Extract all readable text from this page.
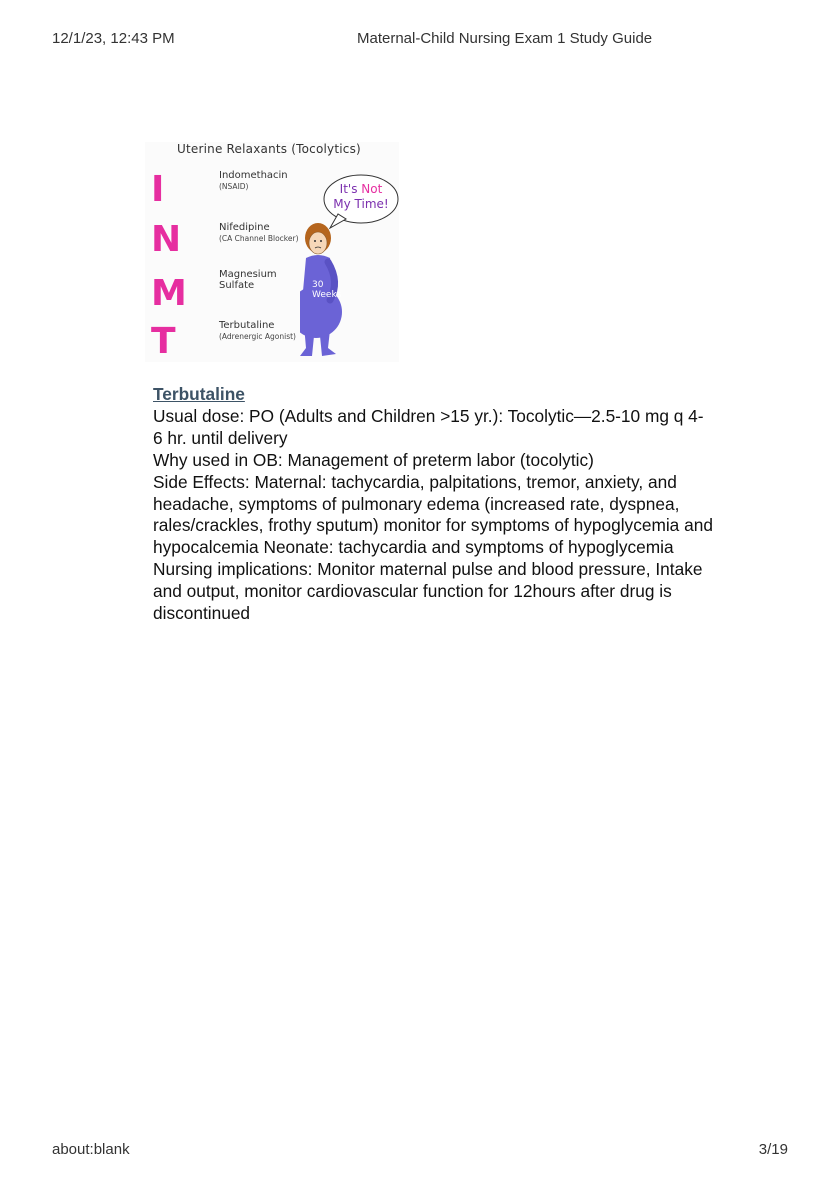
12/1/23, 12:43 PM	Maternal-Child Nursing Exam 1 Study Guide
Uterine Relaxants (Tocolytics)
I
N
M
T
Indomethacin
(NSAID)
Nifedipine
(CA Channel Blocker)
Magnesium
Sulfate
Terbutaline
(Adrenergic Agonist)
It's Not
My Time!
30
Weeks
Terbutaline

Usual dose: PO (Adults and Children >15 yr.): Tocolytic—2.5-10 mg q 4-6 hr. until delivery

Why used in OB: Management of preterm labor (tocolytic)

Side Effects: Maternal: tachycardia, palpitations, tremor, anxiety, and headache, symptoms of pulmonary edema (increased rate, dyspnea, rales/crackles, frothy sputum) monitor for symptoms of hypoglycemia and hypocalcemia Neonate: tachycardia and symptoms of hypoglycemia

Nursing implications: Monitor maternal pulse and blood pressure, Intake and output, monitor cardiovascular function for 12hours after drug is discontinued

about:blank	3/19
